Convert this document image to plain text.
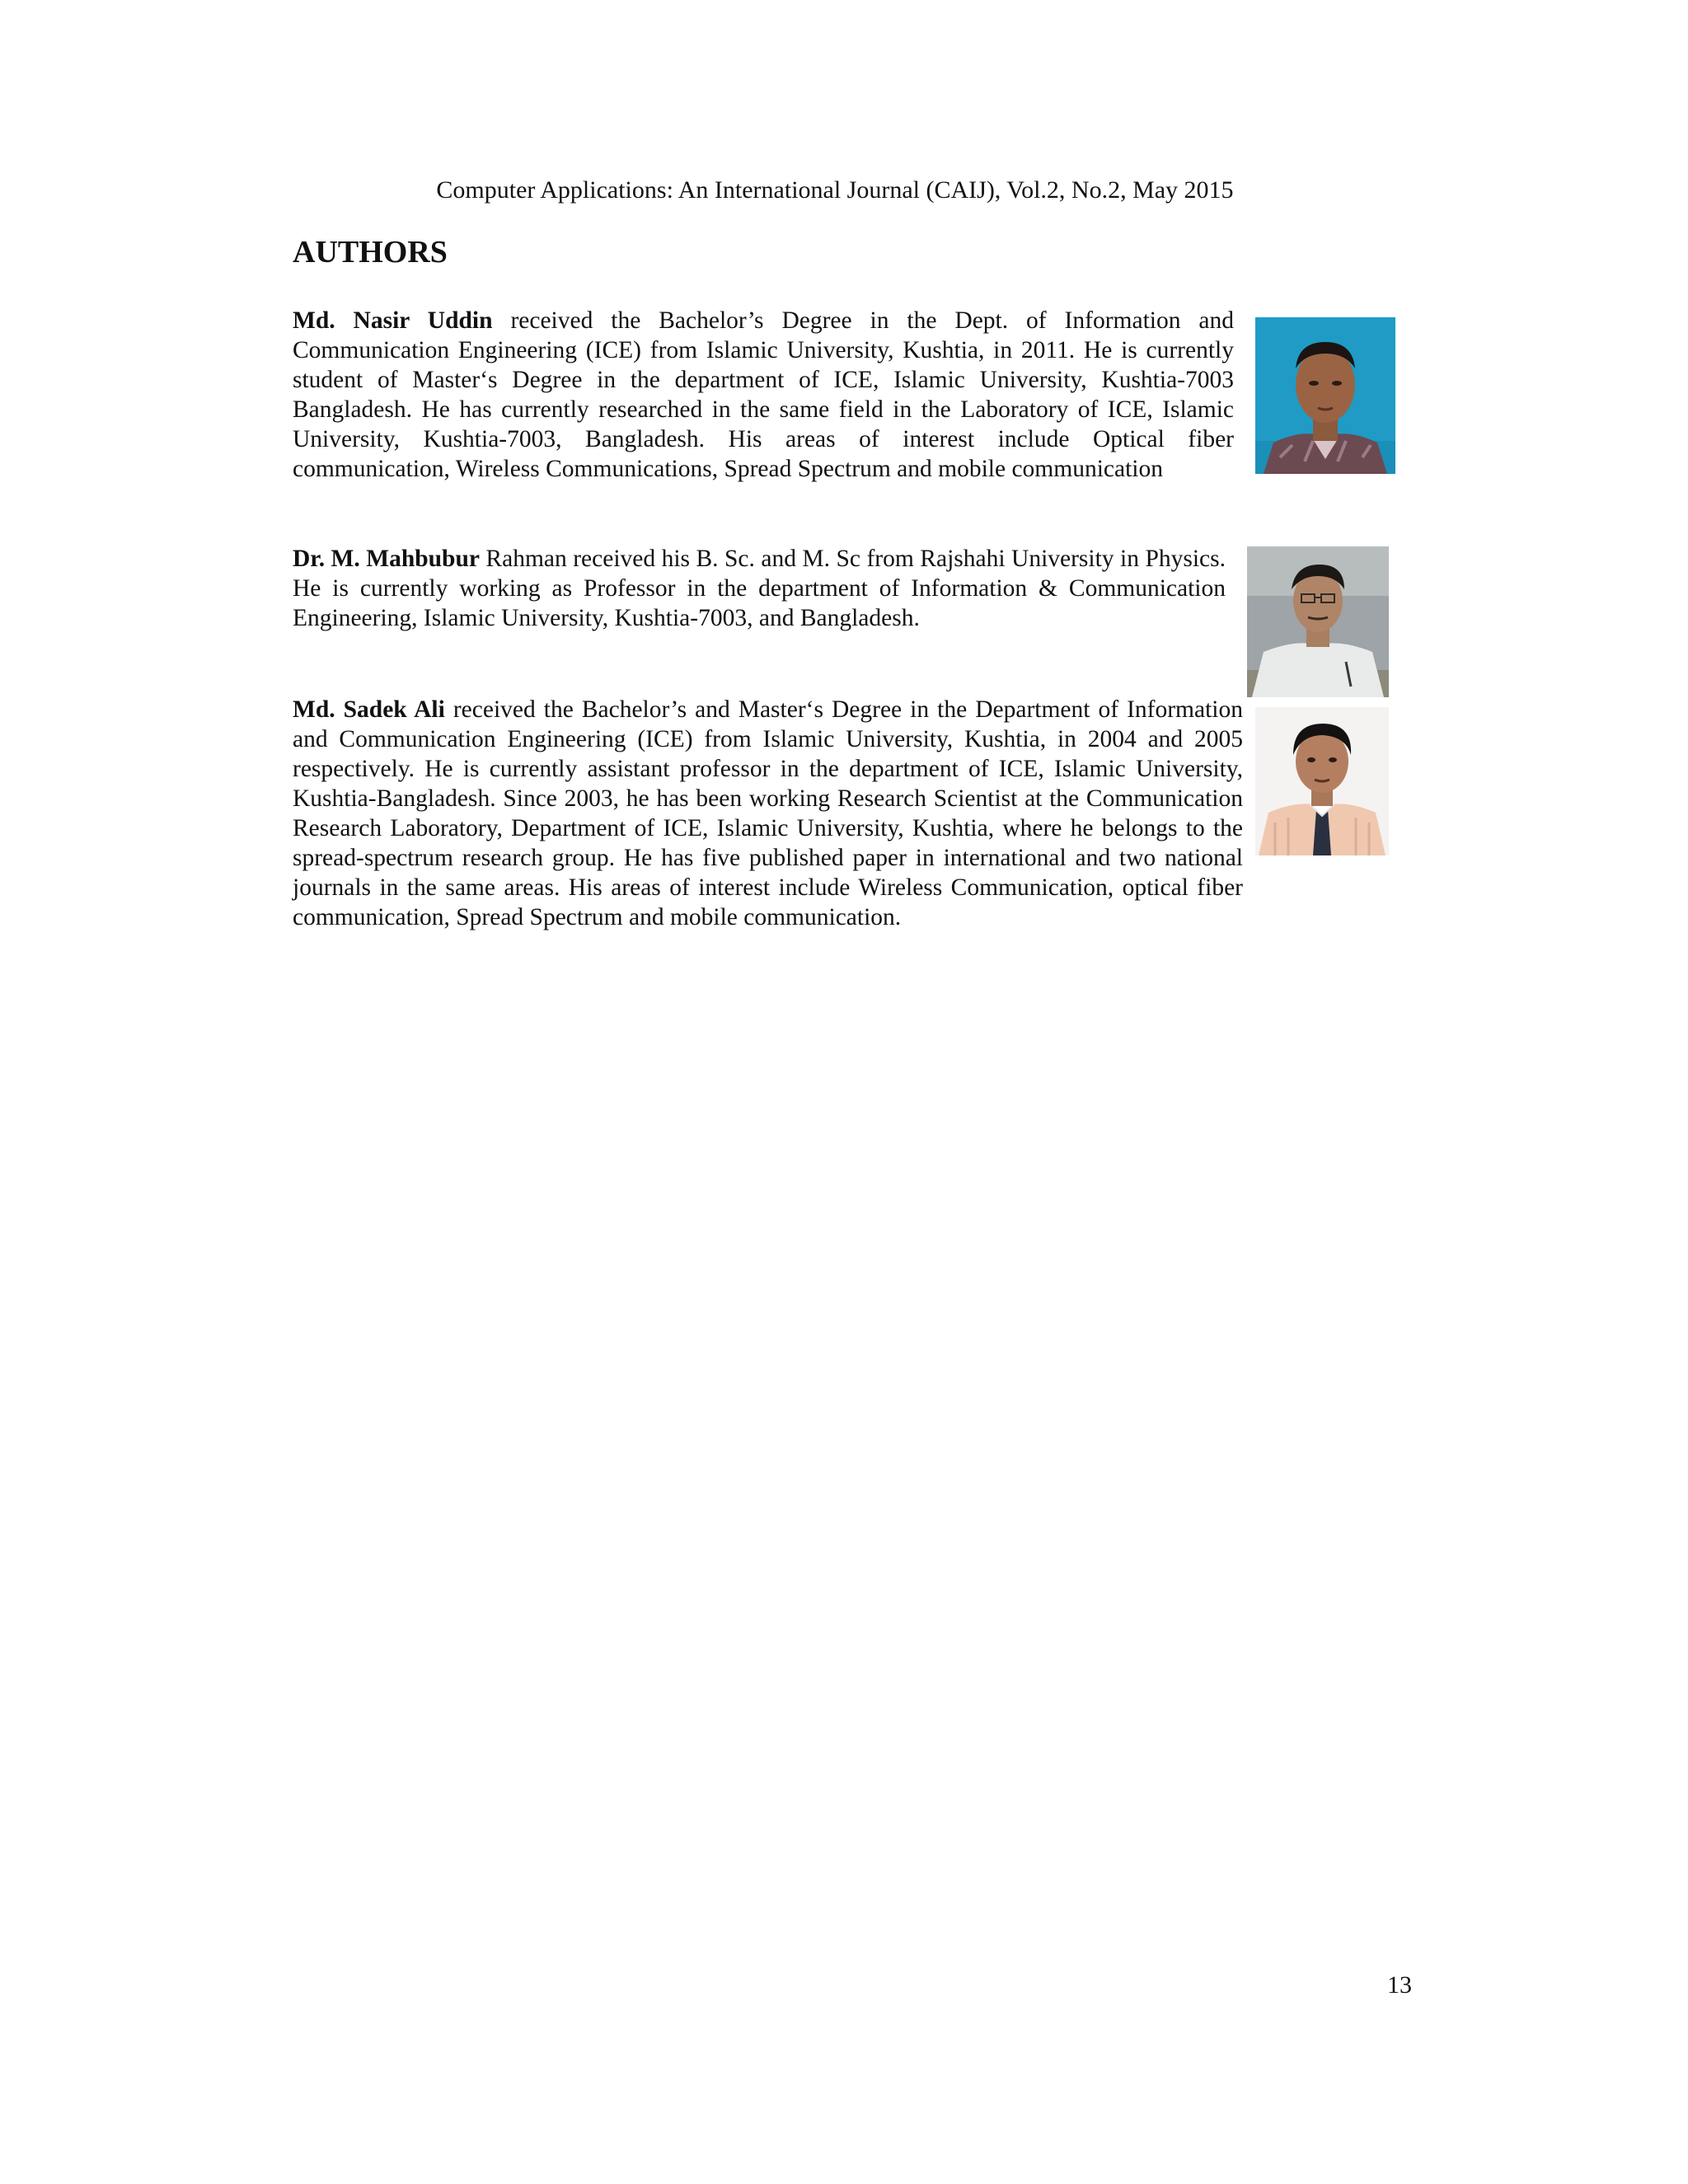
Computer Applications: An International Journal (CAIJ), Vol.2, No.2, May 2015
AUTHORS

Md. Nasir Uddin received the Bachelor’s Degree in the Dept. of Information and Communication Engineering (ICE) from Islamic University, Kushtia, in 2011. He is currently student of Master‘s Degree in the department of ICE, Islamic University, Kushtia-7003 Bangladesh. He has currently researched in the same field in the Laboratory of ICE, Islamic University, Kushtia-7003, Bangladesh. His areas of interest include Optical fiber communication, Wireless Communications, Spread Spectrum and mobile communication

Dr. M. Mahbubur Rahman received his B. Sc. and M. Sc from Rajshahi University in Physics. He is currently working as Professor in the department of Information & Communication Engineering, Islamic University, Kushtia-7003, and Bangladesh.

Md. Sadek Ali received the Bachelor’s and Master‘s Degree in the Department of Information and Communication Engineering (ICE) from Islamic University, Kushtia, in 2004 and 2005 respectively. He is currently assistant professor in the department of ICE, Islamic University, Kushtia-Bangladesh. Since 2003, he has been working Research Scientist at the Communication Research Laboratory, Department of ICE, Islamic University, Kushtia, where he belongs to the spread-spectrum research group. He has five published paper in international and two national journals in the same areas. His areas of interest include Wireless Communication, optical fiber communication, Spread Spectrum and mobile communication.

13
